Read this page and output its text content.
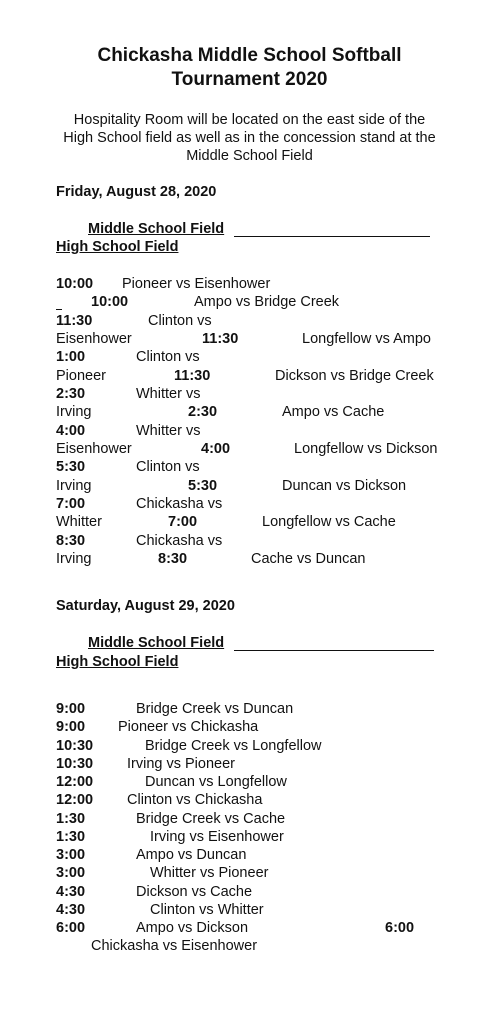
Chickasha Middle School Softball
Tournament 2020
Hospitality Room will be located on the east side of the
High School field as well as in the concession stand at the
Middle School Field
Friday, August 28, 2020
Middle School Field
High School Field
10:00 Pioneer vs Eisenhower
10:00	Ampo vs Bridge Creek
11:30	Clinton vs
Eisenhower	11:30	Longfellow vs Ampo
1:00	Clinton vs
Pioneer	11:30	Dickson vs Bridge Creek
2:30	Whitter vs
Irving	2:30	Ampo vs Cache
4:00	Whitter vs
Eisenhower	4:00	Longfellow vs Dickson
5:30	Clinton vs
Irving	5:30	Duncan vs Dickson
7:00	Chickasha vs
Whitter	7:00	Longfellow vs Cache
8:30	Chickasha vs
Irving	8:30	Cache vs Duncan
Saturday, August 29, 2020
Middle School Field
High School Field
9:00	Bridge Creek vs Duncan
9:00 Pioneer vs Chickasha
10:30	Bridge Creek vs Longfellow
10:30 Irving vs Pioneer
12:00	Duncan vs Longfellow
12:00 Clinton vs Chickasha
1:30	Bridge Creek vs Cache
1:30	Irving vs Eisenhower
3:00	Ampo vs Duncan
3:00	Whitter vs Pioneer
4:30	Dickson vs Cache
4:30	Clinton vs Whitter
6:00	Ampo vs Dickson	6:00
Chickasha vs Eisenhower
